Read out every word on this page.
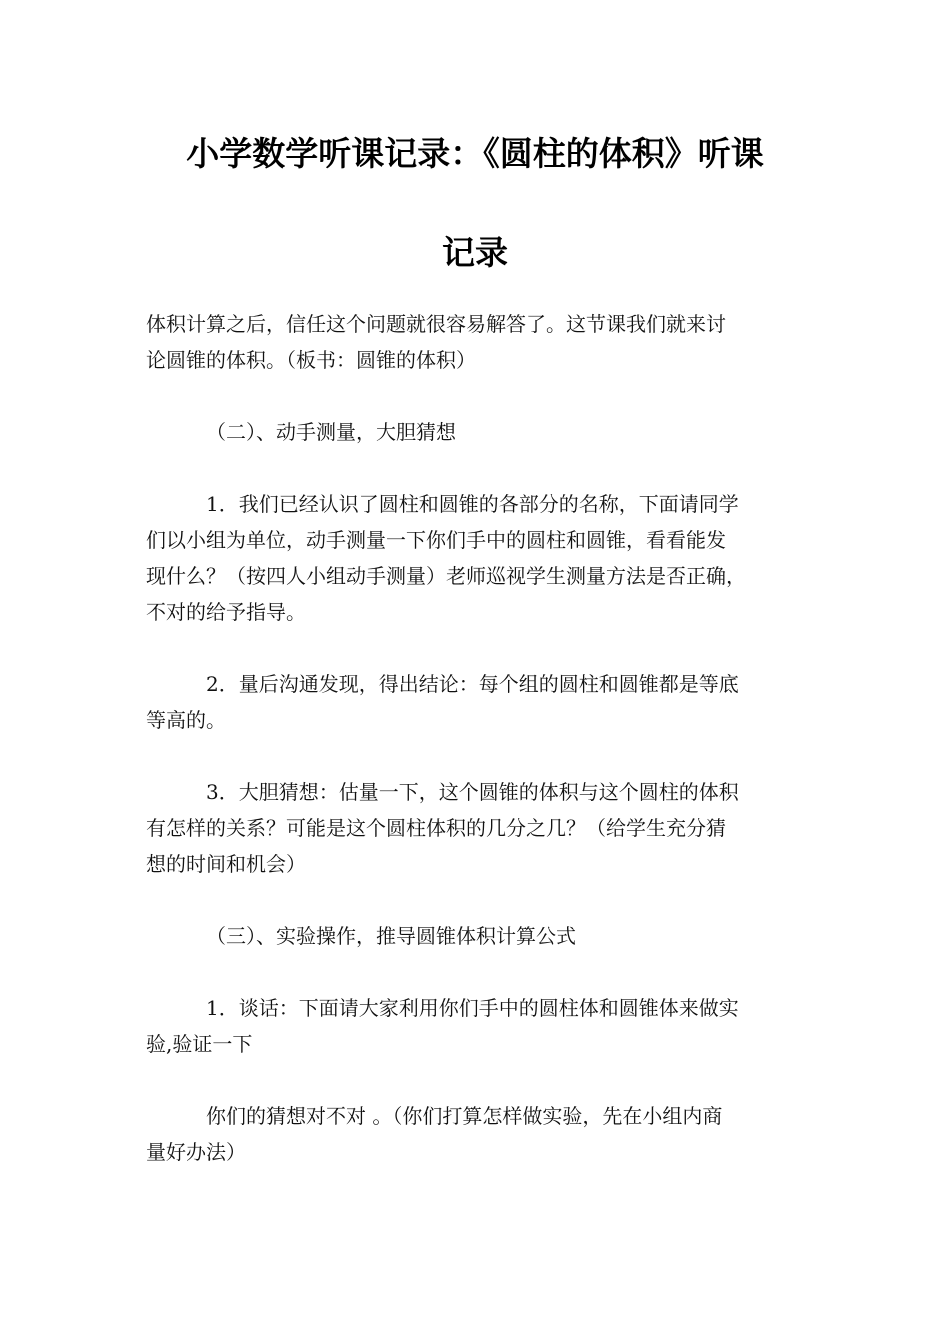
小学数学听课记录：《圆柱的体积》听课
记录

体积计算之后，信任这个问题就很容易解答了。这节课我们就来讨
论圆锥的体积。（板书：圆锥的体积）

（二）、动手测量，大胆猜想

1．我们已经认识了圆柱和圆锥的各部分的名称，下面请同学
们以小组为单位，动手测量一下你们手中的圆柱和圆锥，看看能发
现什么？（按四人小组动手测量）老师巡视学生测量方法是否正确，
不对的给予指导。

2．量后沟通发现，得出结论：每个组的圆柱和圆锥都是等底
等高的。

3．大胆猜想：估量一下，这个圆锥的体积与这个圆柱的体积
有怎样的关系？可能是这个圆柱体积的几分之几？（给学生充分猜
想的时间和机会）

（三）、实验操作，推导圆锥体积计算公式

1．谈话：下面请大家利用你们手中的圆柱体和圆锥体来做实
验,验证一下

你们的猜想对不对 。（你们打算怎样做实验，先在小组内商
量好办法）
